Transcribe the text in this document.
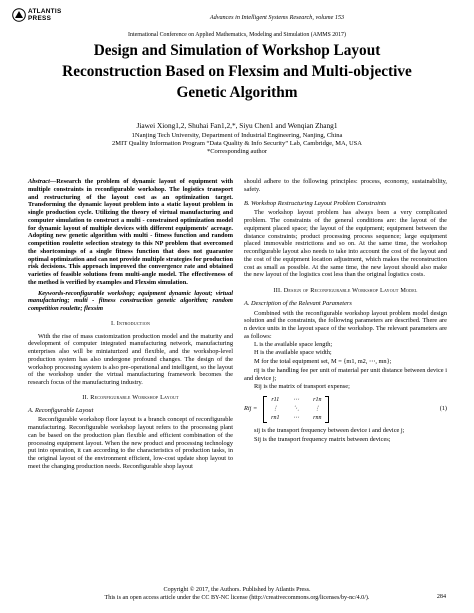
ATLANTIS PRESS	Advances in Intelligent Systems Research, volume 153
International Conference on Applied Mathematics, Modeling and Simulation (AMMS 2017)
Design and Simulation of Workshop Layout
Reconstruction Based on Flexsim and Multi-objective
Genetic Algorithm
Jiawei Xiong1,2, Shuhai Fan1,2,*, Siyu Chen1 and Wenqian Zhang1
1Nanjing Tech University, Department of Industrial Engineering, Nanjing, China
2MIT Quality Information Program “Data Quality & Info Security” Lab, Cambridge, MA, USA
*Corresponding author

Abstract—Research the problem of dynamic layout of equipment with multiple constraints in reconfigurable workshop. The logistics transport and restructuring of the layout cost as an optimization target. Transforming the dynamic layout problem into a static layout problem in single production cycle. Utilizing the theory of virtual manufacturing and computer simulation to construct a multi - constrained optimization model for dynamic layout of multiple devices with different equipments' acreage. Adopting new genetic algorithm with multi - fitness function and random competition roulette selection strategy to this NP problem that overcomed the shortcomings of a single fitness function that does not guarantee optimal optimization and can not provide multiple strategies for production risk decisions. This approach improved the convergence rate and obtained varieties of feasible solutions from multi-angle model. The effectiveness of the method is verified by examples and Flexsim simulation.

Keywords-reconfigurable workshop; equipment dynamic layout; virtual manufacturing; multi - fitness construction genetic algorithm; random competition roulette; flexsim

I. Introduction

With the rise of mass customization production model and the maturity and development of computer integrated manufacturing network, manufacturing enterprises also will be miniaturized and flexible, and the workshop-level production system has also undergone profound changes. The design of the workshop processing system is also pre-operational and intelligent, so the layout of the workshop under the virtual manufacturing framework becomes the research focus of the manufacturing industry.

II. Reconfigurable Workshop Layout
A. Reconfigurable Layout

Reconfigurable workshop floor layout is a branch concept of reconfigurable manufacturing. Reconfigurable workshop layout refers to the processing plant can be based on the production plan flexible and efficient combination of the processing equipment layout. When the new product and processing technology put into operation, it can according to the characteristics of production tasks, in the original layout of the environment efficient, low-cost update shop layout to meet the changing production needs. Reconfigurable shop layout

should adhere to the following principles: process, economy, sustainability, safety.

B. Workshop Restructuring Layout Problem Constraints

The workshop layout problem has always been a very complicated problem. The constraints of the general conditions are: the layout of the equipment placed space; the layout of the equipment; equipment between the distance constraints; product processing process sequence; large equipment placed immovable restrictions and so on. At the same time, the workshop reconfigurable layout also needs to take into account the cost of the layout and the cost of the equipment location adjustment, which makes the reconstruction cost as small as possible. At the same time, the new layout should also make the new layout of the logistics cost less than the original logistics costs.

III. Design of Reconfigurable Workshop Layout Model
A. Description of the Relevant Parameters

Combined with the reconfigurable workshop layout problem model design solution and the constraints, the following parameters are described. There are n device units in the layout space of the workshop. The relevant parameters are as follows:

L is the available space length;

H is the available space width;

M for the total equipment set, M = {m1, m2, ⋯, mn};

rij is the handling fee per unit of material per unit distance between device i and device j;

Rij is the matrix of transport expense;

Rij =
r11	⋯	r1n
⋮	⋱	⋮
rn1	⋯	rnn
(1)

sij is the transport frequency between device i and device j;

Sij is the transport frequency matrix between devices;

Copyright © 2017, the Authors. Published by Atlantis Press.
This is an open access article under the CC BY-NC license (http://creativecommons.org/licenses/by-nc/4.0/).	284
